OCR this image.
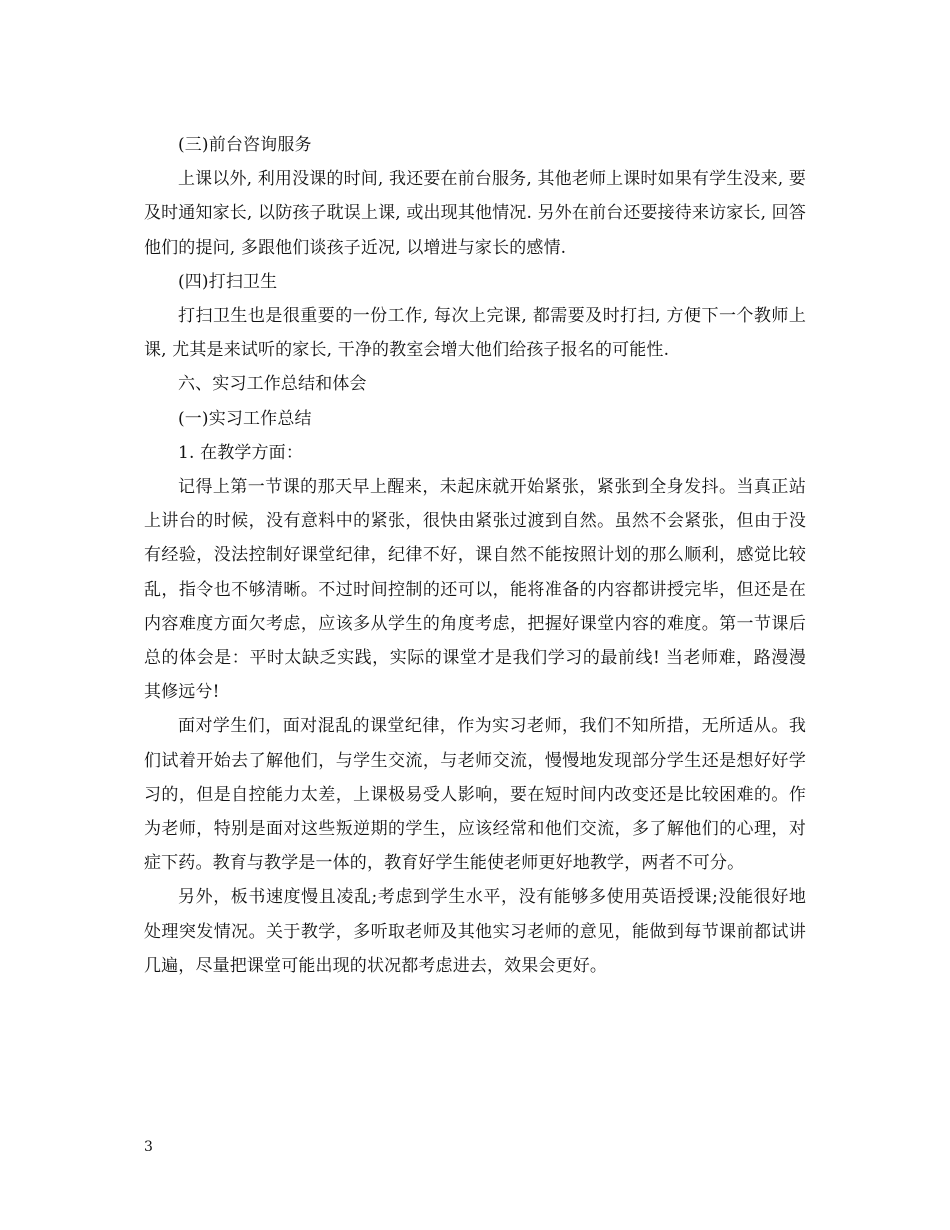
(三)前台咨询服务

上课以外, 利用没课的时间, 我还要在前台服务, 其他老师上课时如果有学生没来, 要及时通知家长, 以防孩子耽误上课, 或出现其他情况. 另外在前台还要接待来访家长, 回答他们的提问, 多跟他们谈孩子近况, 以增进与家长的感情.

(四)打扫卫生

打扫卫生也是很重要的一份工作, 每次上完课, 都需要及时打扫, 方便下一个教师上课, 尤其是来试听的家长, 干净的教室会增大他们给孩子报名的可能性.

六、实习工作总结和体会

(一)实习工作总结

1. 在教学方面：

记得上第一节课的那天早上醒来，未起床就开始紧张，紧张到全身发抖。当真正站上讲台的时候，没有意料中的紧张，很快由紧张过渡到自然。虽然不会紧张，但由于没有经验，没法控制好课堂纪律，纪律不好，课自然不能按照计划的那么顺利，感觉比较乱，指令也不够清晰。不过时间控制的还可以，能将准备的内容都讲授完毕，但还是在内容难度方面欠考虑，应该多从学生的角度考虑，把握好课堂内容的难度。第一节课后总的体会是：平时太缺乏实践，实际的课堂才是我们学习的最前线! 当老师难，路漫漫其修远兮!

面对学生们，面对混乱的课堂纪律，作为实习老师，我们不知所措，无所适从。我们试着开始去了解他们，与学生交流，与老师交流，慢慢地发现部分学生还是想好好学习的，但是自控能力太差，上课极易受人影响，要在短时间内改变还是比较困难的。作为老师，特别是面对这些叛逆期的学生，应该经常和他们交流，多了解他们的心理，对症下药。教育与教学是一体的，教育好学生能使老师更好地教学，两者不可分。

另外，板书速度慢且凌乱;考虑到学生水平，没有能够多使用英语授课;没能很好地处理突发情况。关于教学，多听取老师及其他实习老师的意见，能做到每节课前都试讲几遍，尽量把课堂可能出现的状况都考虑进去，效果会更好。

3
